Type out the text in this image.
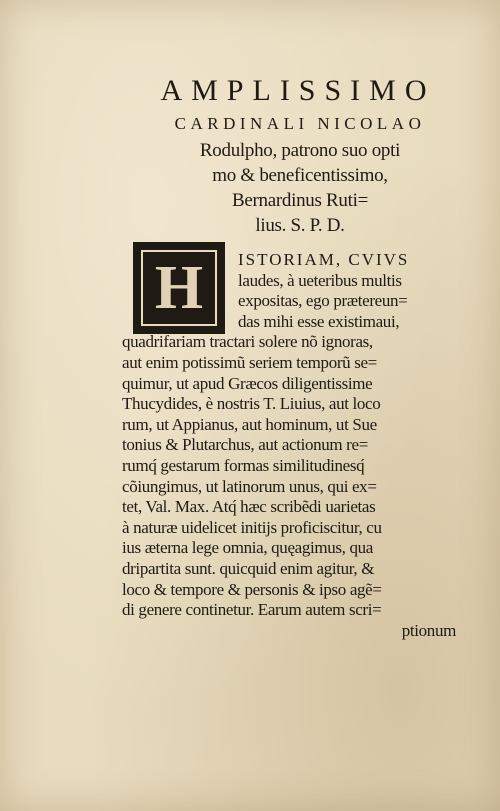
AMPLISSIMO
CARDINALI NICOLAO
Rodulpho, patrono suo opti
mo & beneficentissimo,
Bernardinus Ruti=
lius. S. P. D.
H	ISTORIAM, CVIVS
laudes, à ueteribus multis
expositas, ego prætereun=
das mihi esse existimaui,
quadrifariam tractari solere nõ ignoras,
aut enim potissimũ seriem temporũ se=
quimur, ut apud Græcos diligentissime
Thucydides, è nostris T. Liuius, aut loco
rum, ut Appianus, aut hominum, ut Sue
tonius & Plutarchus, aut actionum re=
rumq́ gestarum formas similitudinesq́
cõiungimus, ut latinorum unus, qui ex=
tet, Val. Max. Atq́ hæc scribẽdi uarietas
à naturæ uidelicet initijs proficiscitur, cu
ius æterna lege omnia, quęagimus, qua
dripartita sunt. quicquid enim agitur, &
loco & tempore & personis & ipso agẽ=
di genere continetur. Earum autem scri=
ptionum
